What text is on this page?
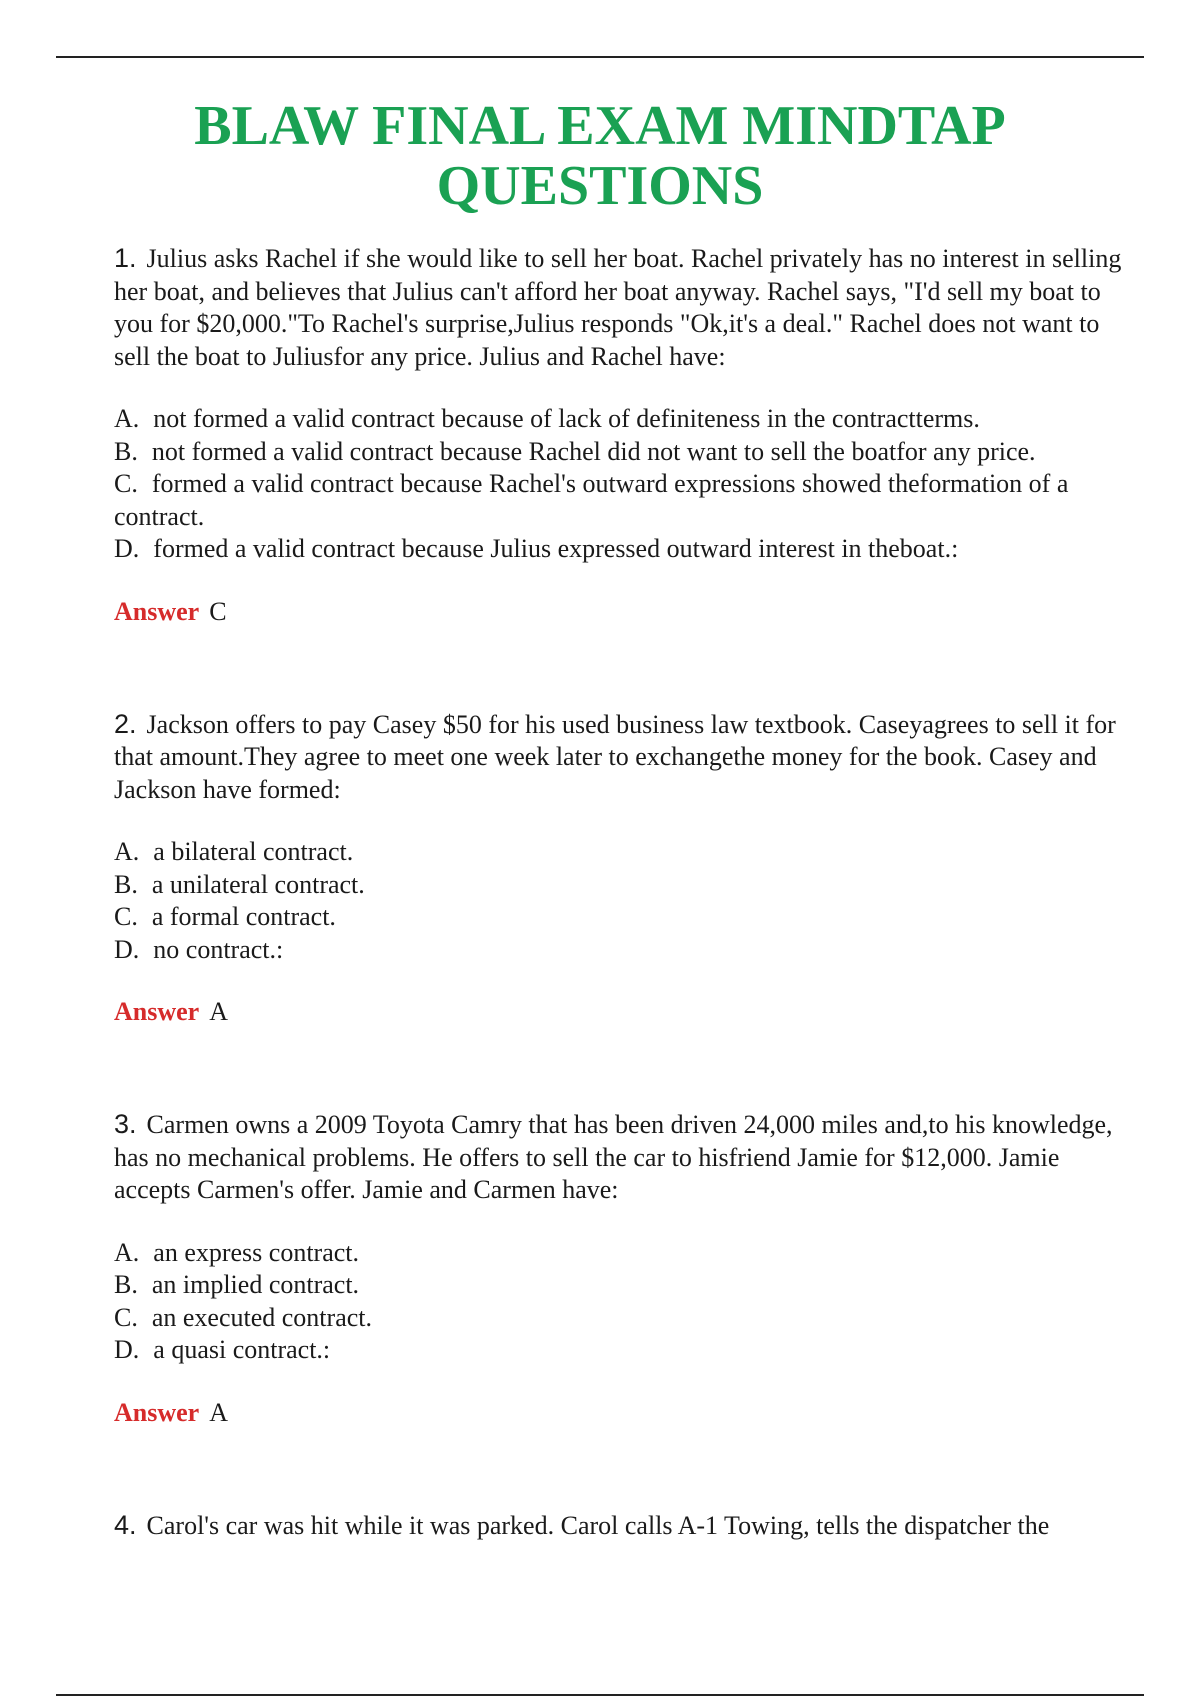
BLAW FINAL EXAM MINDTAP QUESTIONS

1. Julius asks Rachel if she would like to sell her boat. Rachel privately has no interest in selling her boat, and believes that Julius can't afford her boat anyway. Rachel says, "I'd sell my boat to you for $20,000."To Rachel's surprise,Julius responds "Ok,it's a deal." Rachel does not want to sell the boat to Juliusfor any price. Julius and Rachel have:

A. not formed a valid contract because of lack of definiteness in the contractterms.
B. not formed a valid contract because Rachel did not want to sell the boatfor any price.
C. formed a valid contract because Rachel's outward expressions showed theformation of a contract.
D. formed a valid contract because Julius expressed outward interest in theboat.:

Answer C

2. Jackson offers to pay Casey $50 for his used business law textbook. Caseyagrees to sell it for that amount.They agree to meet one week later to exchangethe money for the book. Casey and Jackson have formed:

A. a bilateral contract.
B. a unilateral contract.
C. a formal contract.
D. no contract.:

Answer A

3. Carmen owns a 2009 Toyota Camry that has been driven 24,000 miles and,to his knowledge, has no mechanical problems. He offers to sell the car to hisfriend Jamie for $12,000. Jamie accepts Carmen's offer. Jamie and Carmen have:

A. an express contract.
B. an implied contract.
C. an executed contract.
D. a quasi contract.:

Answer A

4. Carol's car was hit while it was parked. Carol calls A-1 Towing, tells the dispatcher the
